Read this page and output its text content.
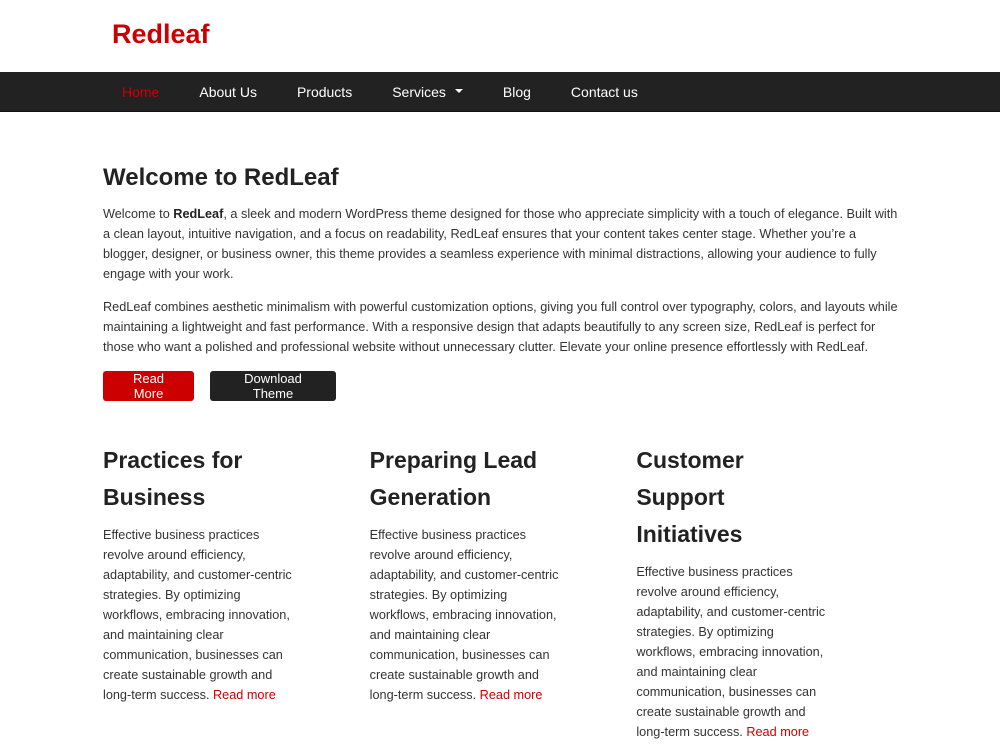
Redleaf
Home	About Us	Products	Services	Blog	Contact us
Welcome to RedLeaf

Welcome to RedLeaf, a sleek and modern WordPress theme designed for those who appreciate simplicity with a touch of elegance. Built with a clean layout, intuitive navigation, and a focus on readability, RedLeaf ensures that your content takes center stage. Whether you’re a blogger, designer, or business owner, this theme provides a seamless experience with minimal distractions, allowing your audience to fully engage with your work.

RedLeaf combines aesthetic minimalism with powerful customization options, giving you full control over typography, colors, and layouts while maintaining a lightweight and fast performance. With a responsive design that adapts beautifully to any screen size, RedLeaf is perfect for those who want a polished and professional website without unnecessary clutter. Elevate your online presence effortlessly with RedLeaf.

Read More
Download Theme
Practices for Business

Effective business practices revolve around efficiency, adaptability, and customer-centric strategies. By optimizing workflows, embracing innovation, and maintaining clear communication, businesses can create sustainable growth and long-term success. Read more

Preparing Lead Generation

Effective business practices revolve around efficiency, adaptability, and customer-centric strategies. By optimizing workflows, embracing innovation, and maintaining clear communication, businesses can create sustainable growth and long-term success. Read more

Customer Support Initiatives

Effective business practices revolve around efficiency, adaptability, and customer-centric strategies. By optimizing workflows, embracing innovation, and maintaining clear communication, businesses can create sustainable growth and long-term success. Read more
